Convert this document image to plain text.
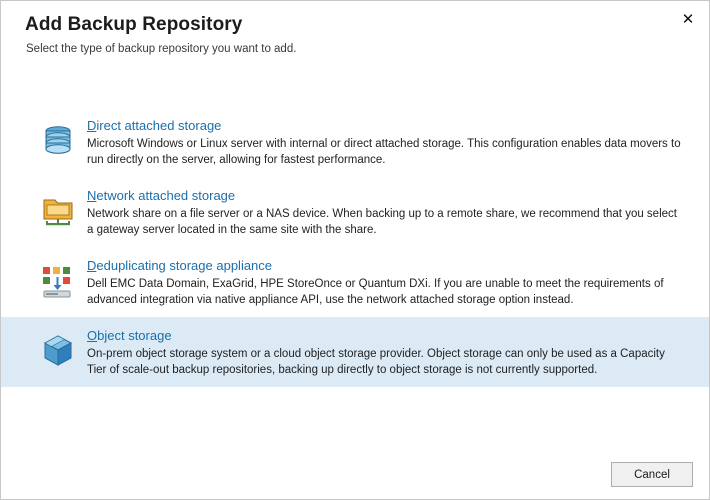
Add Backup Repository
Select the type of backup repository you want to add.
✕
Direct attached storage
Microsoft Windows or Linux server with internal or direct attached storage. This configuration enables data movers to run directly on the server, allowing for fastest performance.
Network attached storage
Network share on a file server or a NAS device. When backing up to a remote share, we recommend that you select a gateway server located in the same site with the share.
Deduplicating storage appliance
Dell EMC Data Domain, ExaGrid, HPE StoreOnce or Quantum DXi. If you are unable to meet the requirements of advanced integration via native appliance API, use the network attached storage option instead.
Object storage
On-prem object storage system or a cloud object storage provider. Object storage can only be used as a Capacity Tier of scale-out backup repositories, backing up directly to object storage is not currently supported.
Cancel
